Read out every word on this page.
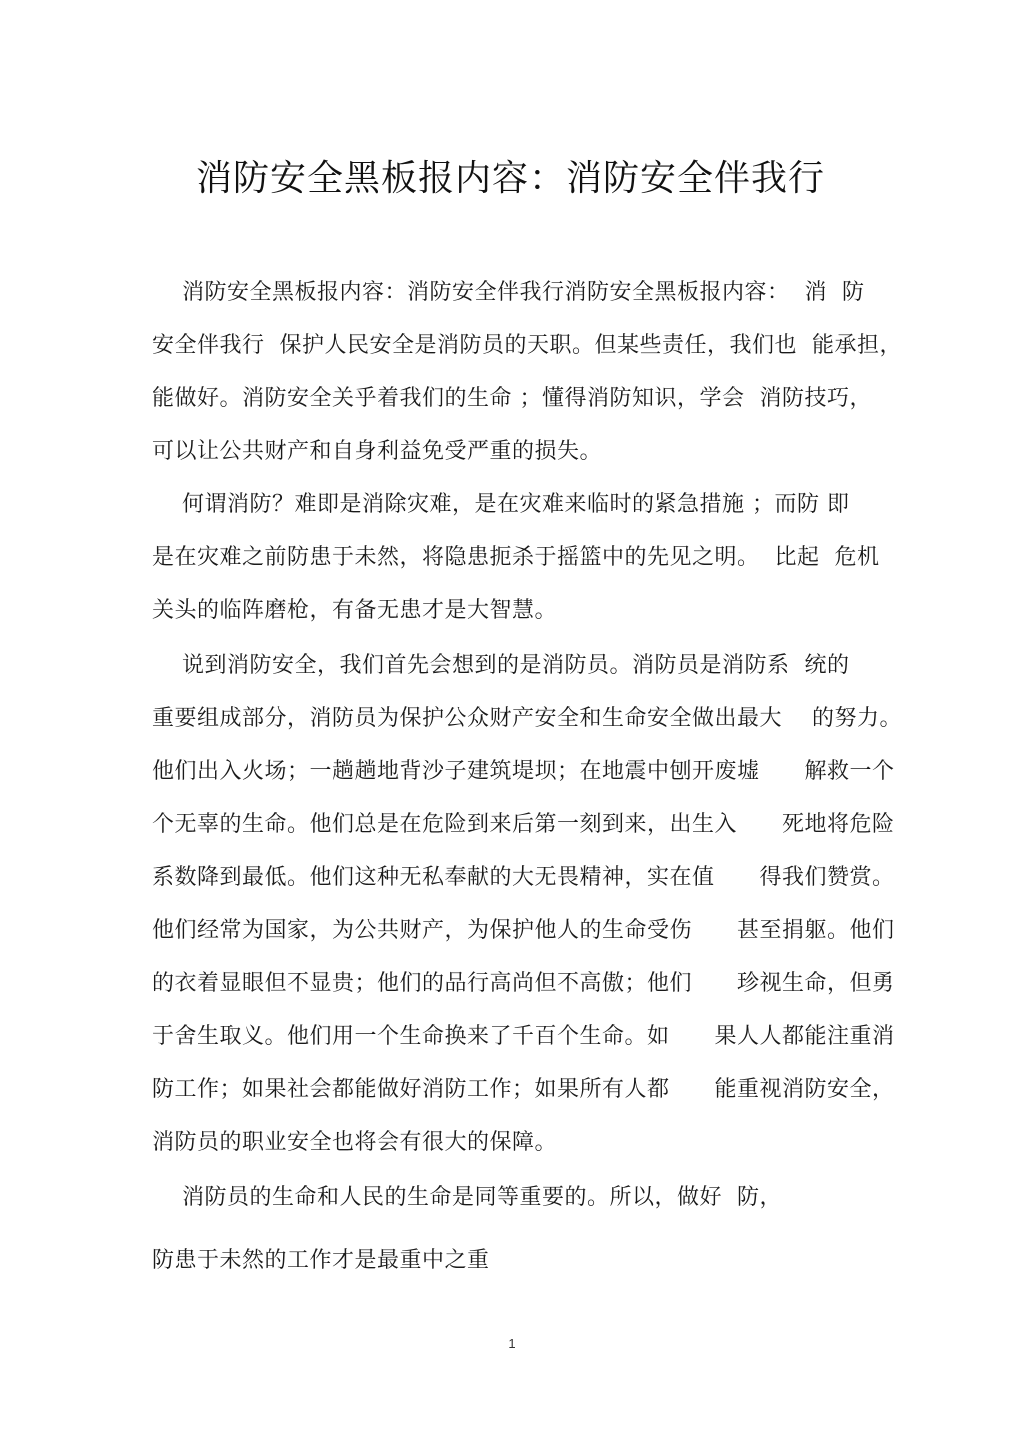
消防安全黑板报内容：消防安全伴我行
消防安全黑板报内容：消防安全伴我行消防安全黑板报内容：  消  防
安全伴我行  保护人民安全是消防员的天职。但某些责任，我们也  能承担，
能做好。消防安全关乎着我们的生命 ；懂得消防知识，学会  消防技巧，
可以让公共财产和自身利益免受严重的损失。
何谓消防？难即是消除灾难，是在灾难来临时的紧急措施 ；而防 即
是在灾难之前防患于未然，将隐患扼杀于摇篮中的先见之明。  比起  危机
关头的临阵磨枪，有备无患才是大智慧。
说到消防安全，我们首先会想到的是消防员。消防员是消防系  统的
重要组成部分，消防员为保护公众财产安全和生命安全做出最大    的努力。
他们出入火场；一趟趟地背沙子建筑堤坝；在地震中刨开废墟      解救一个
个无辜的生命。他们总是在危险到来后第一刻到来，出生入      死地将危险
系数降到最低。他们这种无私奉献的大无畏精神，实在值      得我们赞赏。
他们经常为国家，为公共财产，为保护他人的生命受伤      甚至捐躯。他们
的衣着显眼但不显贵；他们的品行高尚但不高傲；他们      珍视生命，但勇
于舍生取义。他们用一个生命换来了千百个生命。如      果人人都能注重消
防工作；如果社会都能做好消防工作；如果所有人都      能重视消防安全，
消防员的职业安全也将会有很大的保障。
消防员的生命和人民的生命是同等重要的。所以，做好  防，
防患于未然的工作才是最重中之重
1
